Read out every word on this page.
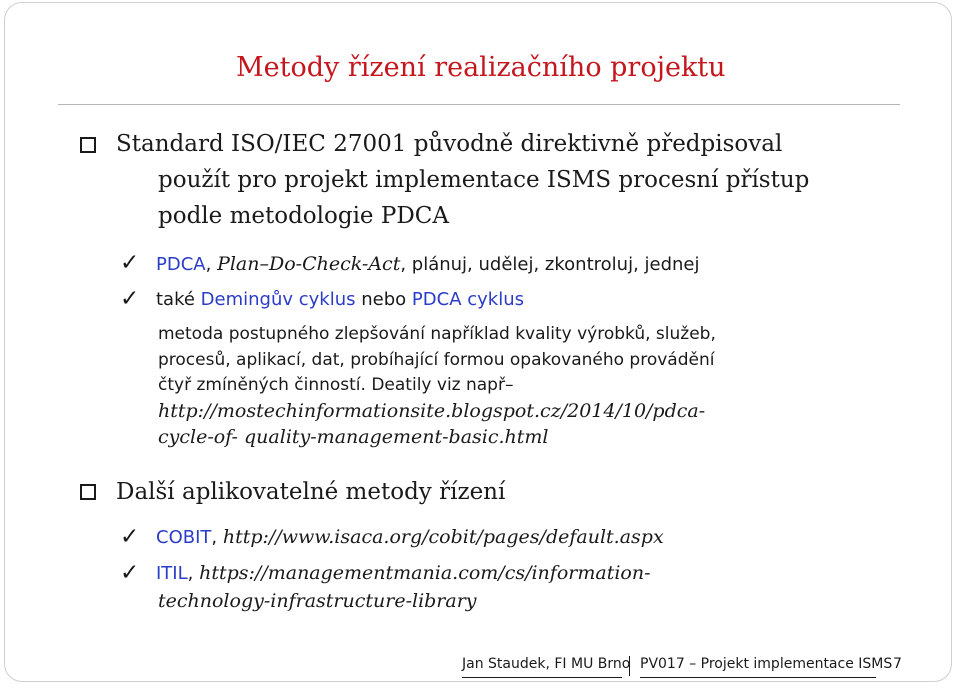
Metody řízení realizačního projektu
Standard ISO/IEC 27001 původně direktivně předpisoval
použít pro projekt implementace ISMS procesní přístup
podle metodologie PDCA
✓ PDCA, Plan–Do-Check-Act, plánuj, udělej, zkontroluj, jednej
✓ také Demingův cyklus nebo PDCA cyklus
metoda postupného zlepšování například kvality výrobků, služeb,
procesů, aplikací, dat, probíhající formou opakovaného provádění
čtyř zmíněných činností. Deatily viz např–
http://mostechinformationsite.blogspot.cz/2014/10/pdca-
cycle-of- quality-management-basic.html
Další aplikovatelné metody řízení
✓ COBIT, http://www.isaca.org/cobit/pages/default.aspx
✓ ITIL, https://managementmania.com/cs/information-
technology-infrastructure-library
Jan Staudek, FI MU Brno PV017 – Projekt implementace ISMS 7
